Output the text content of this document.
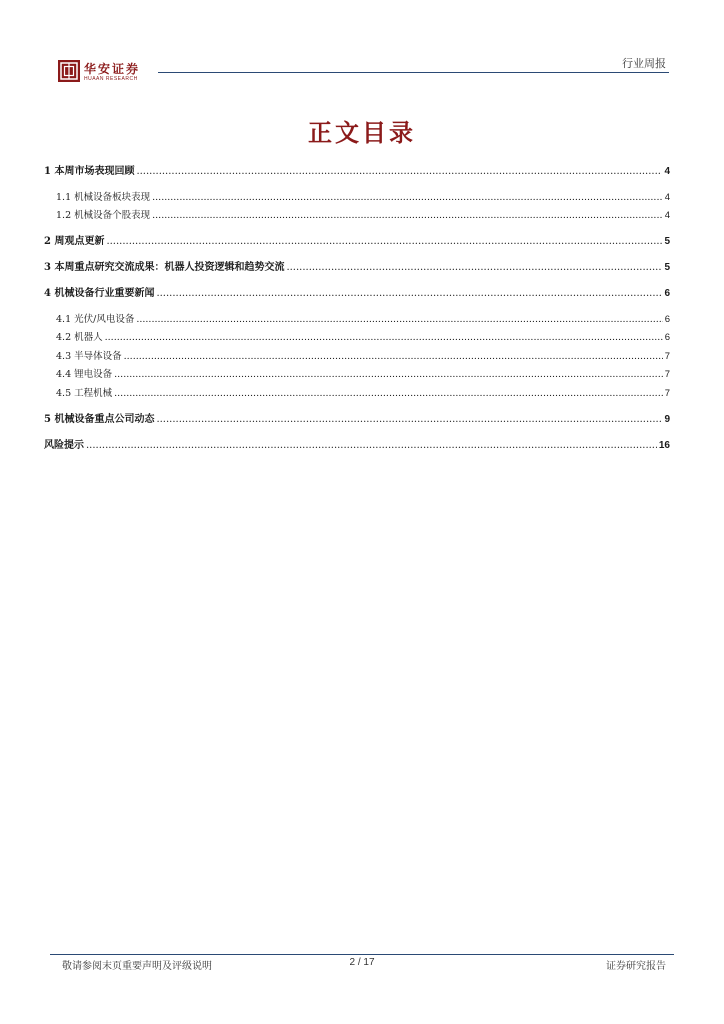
华安证券
HUAAN RESEARCH
行业周报
正文目录
1 本周市场表现回顾 .....	4
1.1 机械设备板块表现 .....	4
1.2 机械设备个股表现 .....	4
2 周观点更新 .....	5
3 本周重点研究交流成果：机器人投资逻辑和趋势交流 .....	5
4 机械设备行业重要新闻 .....	6
4.1 光伏/风电设备 .....	6
4.2 机器人 .....	6
4.3 半导体设备 .....	7
4.4 锂电设备 .....	7
4.5 工程机械 .....	7
5 机械设备重点公司动态 .....	9
风险提示 .....	16
敬请参阅末页重要声明及评级说明	2 / 17	证券研究报告
